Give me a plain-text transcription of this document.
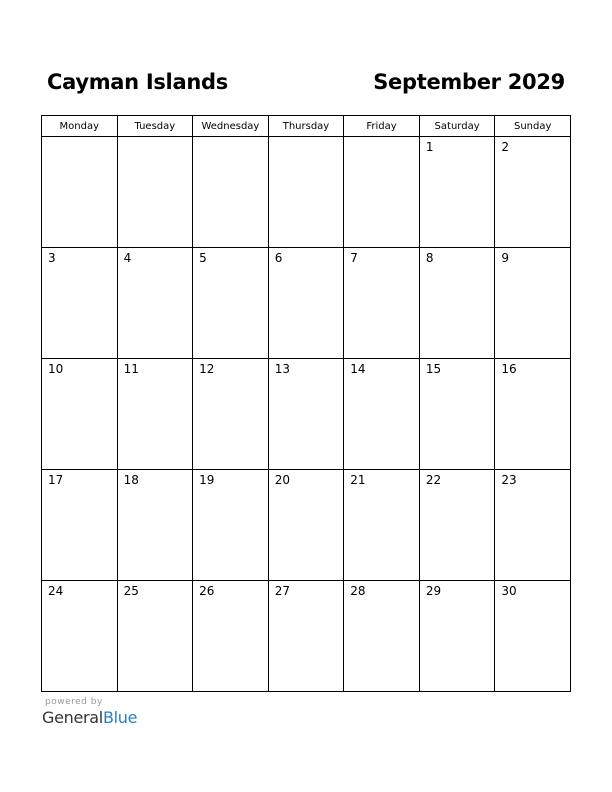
Cayman Islands	September 2029
Monday	Tuesday	Wednesday	Thursday	Friday	Saturday	Sunday

					1	2

3	4	5	6	7	8	9

10	11	12	13	14	15	16

17	18	19	20	21	22	23

24	25	26	27	28	29	30
powered by
GeneralBlue
